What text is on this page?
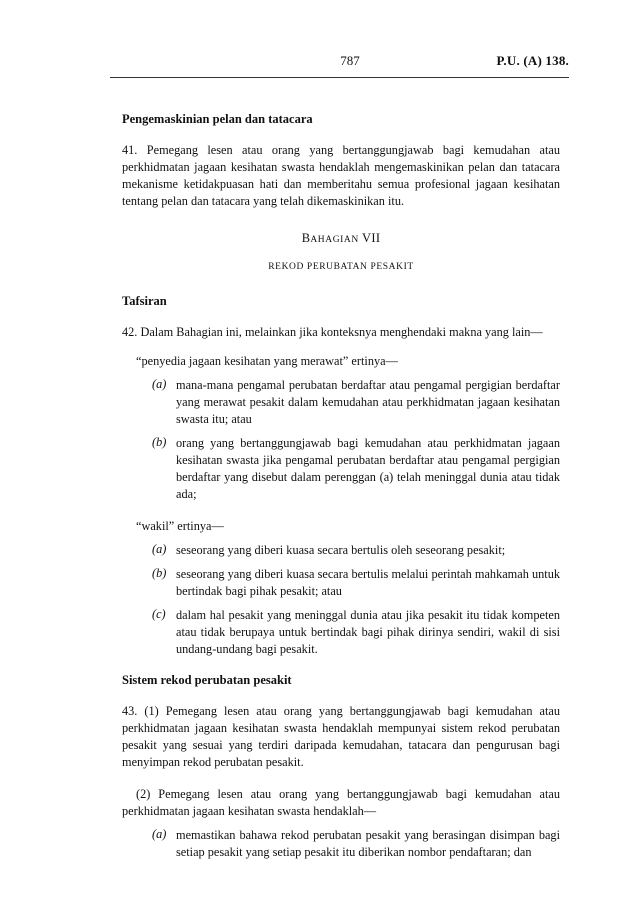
787	P.U. (A) 138.
Pengemaskinian pelan dan tatacara

41. Pemegang lesen atau orang yang bertanggungjawab bagi kemudahan atau perkhidmatan jagaan kesihatan swasta hendaklah mengemaskinikan pelan dan tatacara mekanisme ketidakpuasan hati dan memberitahu semua profesional jagaan kesihatan tentang pelan dan tatacara yang telah dikemaskinikan itu.

BAHAGIAN VII

REKOD PERUBATAN PESAKIT

Tafsiran

42. Dalam Bahagian ini, melainkan jika konteksnya menghendaki makna yang lain—

“penyedia jagaan kesihatan yang merawat” ertinya—
(a) mana-mana pengamal perubatan berdaftar atau pengamal pergigian berdaftar yang merawat pesakit dalam kemudahan atau perkhidmatan jagaan kesihatan swasta itu; atau
(b) orang yang bertanggungjawab bagi kemudahan atau perkhidmatan jagaan kesihatan swasta jika pengamal perubatan berdaftar atau pengamal pergigian berdaftar yang disebut dalam perenggan (a) telah meninggal dunia atau tidak ada;
“wakil” ertinya—
(a) seseorang yang diberi kuasa secara bertulis oleh seseorang pesakit;
(b) seseorang yang diberi kuasa secara bertulis melalui perintah mahkamah untuk bertindak bagi pihak pesakit; atau
(c) dalam hal pesakit yang meninggal dunia atau jika pesakit itu tidak kompeten atau tidak berupaya untuk bertindak bagi pihak dirinya sendiri, wakil di sisi undang-undang bagi pesakit.
Sistem rekod perubatan pesakit

43. (1) Pemegang lesen atau orang yang bertanggungjawab bagi kemudahan atau perkhidmatan jagaan kesihatan swasta hendaklah mempunyai sistem rekod perubatan pesakit yang sesuai yang terdiri daripada kemudahan, tatacara dan pengurusan bagi menyimpan rekod perubatan pesakit.

(2) Pemegang lesen atau orang yang bertanggungjawab bagi kemudahan atau perkhidmatan jagaan kesihatan swasta hendaklah—

(a) memastikan bahawa rekod perubatan pesakit yang berasingan disimpan bagi setiap pesakit yang setiap pesakit itu diberikan nombor pendaftaran; dan
